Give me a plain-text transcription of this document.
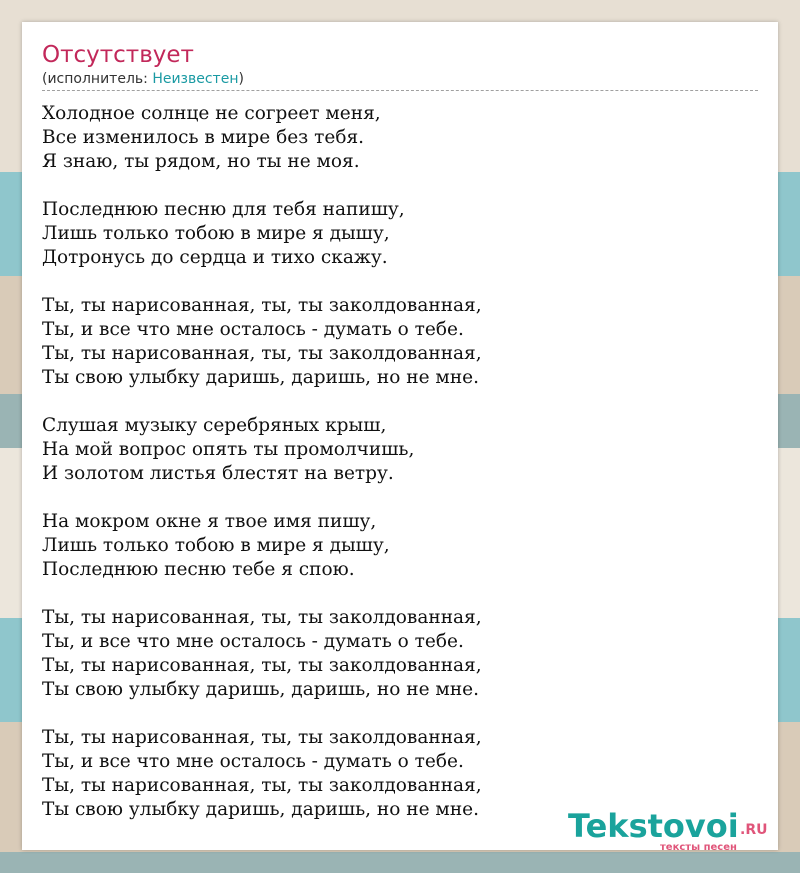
Отсутствует
(исполнитель: Неизвестен)
Холодное солнце не согреет меня,
Все изменилось в мире без тебя.
Я знаю, ты рядом, но ты не моя.
Последнюю песню для тебя напишу,
Лишь только тобою в мире я дышу,
Дотронусь до сердца и тихо скажу.
Ты, ты нарисованная, ты, ты заколдованная,
Ты, и все что мне осталось - думать о тебе.
Ты, ты нарисованная, ты, ты заколдованная,
Ты свою улыбку даришь, даришь, но не мне.
Слушая музыку серебряных крыш,
На мой вопрос опять ты промолчишь,
И золотом листья блестят на ветру.
На мокром окне я твое имя пишу,
Лишь только тобою в мире я дышу,
Последнюю песню тебе я спою.
Ты, ты нарисованная, ты, ты заколдованная,
Ты, и все что мне осталось - думать о тебе.
Ты, ты нарисованная, ты, ты заколдованная,
Ты свою улыбку даришь, даришь, но не мне.
Ты, ты нарисованная, ты, ты заколдованная,
Ты, и все что мне осталось - думать о тебе.
Ты, ты нарисованная, ты, ты заколдованная,
Ты свою улыбку даришь, даришь, но не мне.	Tekstovoi .RU
тексты песен
